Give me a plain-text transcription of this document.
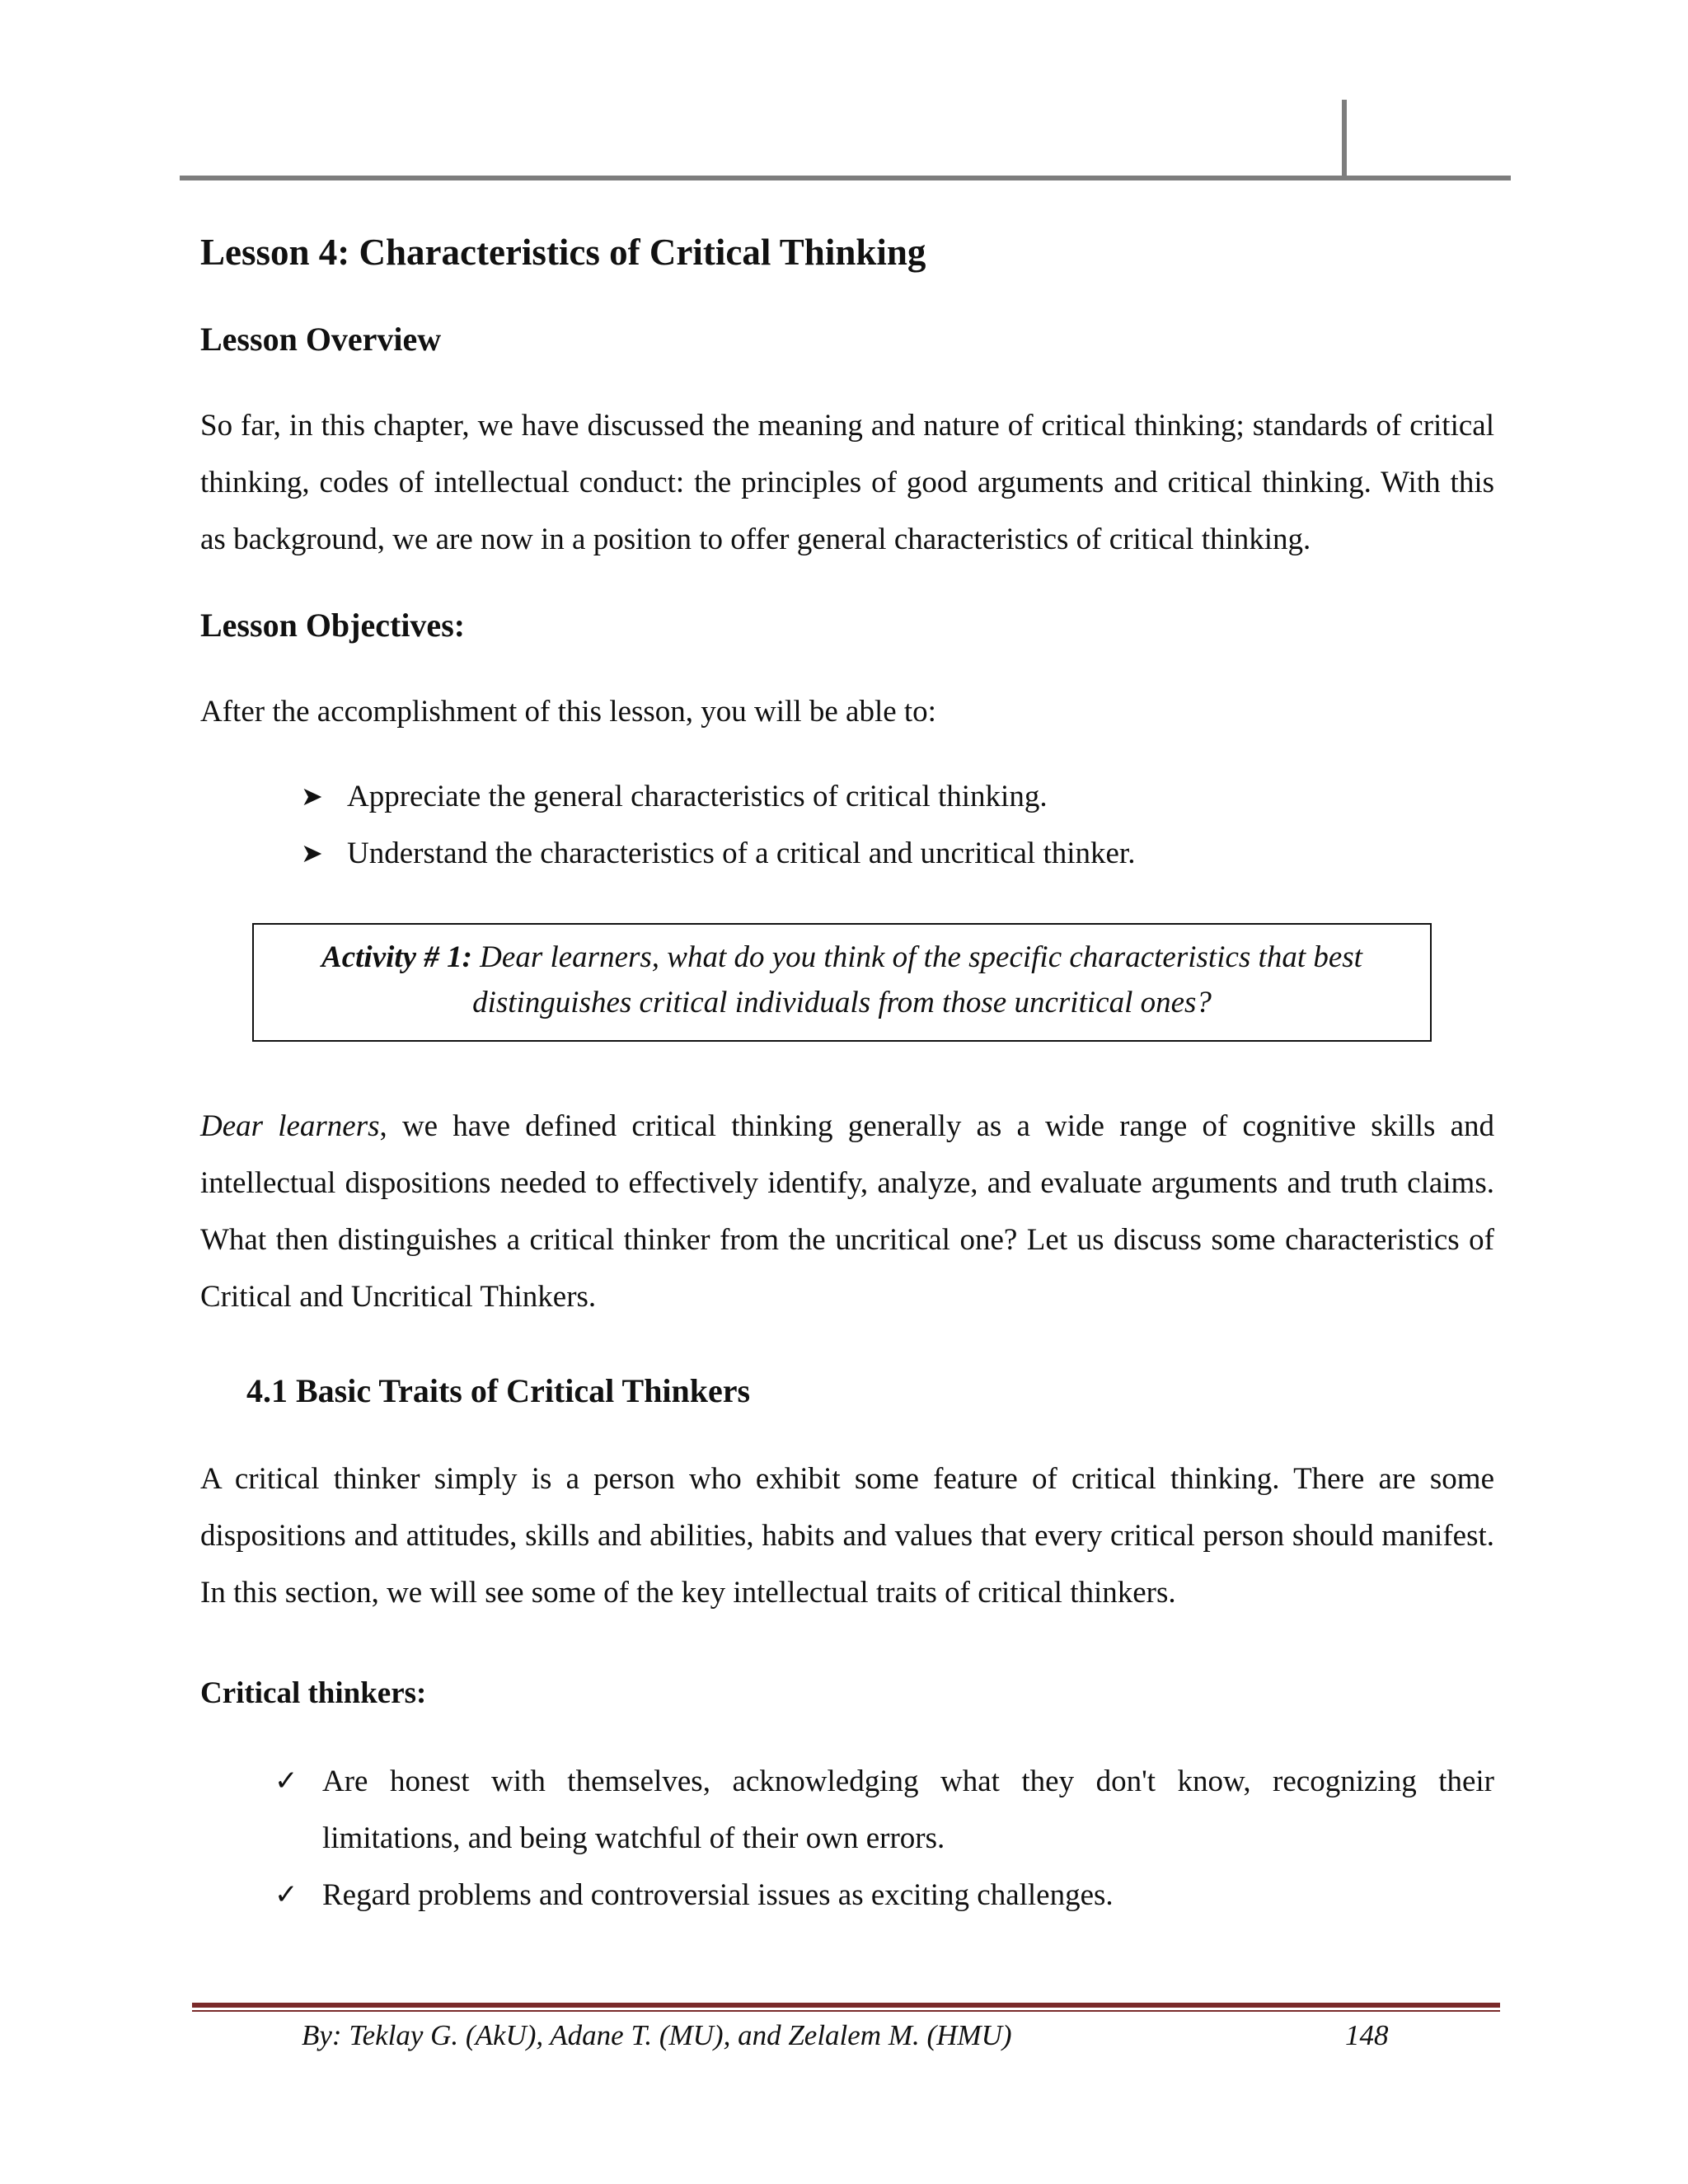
Lesson 4: Characteristics of Critical Thinking
Lesson Overview

So far, in this chapter, we have discussed the meaning and nature of critical thinking; standards of critical thinking, codes of intellectual conduct: the principles of good arguments and critical thinking. With this as background, we are now in a position to offer general characteristics of critical thinking.

Lesson Objectives:

After the accomplishment of this lesson, you will be able to:

➤ Appreciate the general characteristics of critical thinking.
➤ Understand the characteristics of a critical and uncritical thinker.
Activity # 1: Dear learners, what do you think of the specific characteristics that best distinguishes critical individuals from those uncritical ones?

Dear learners, we have defined critical thinking generally as a wide range of cognitive skills and intellectual dispositions needed to effectively identify, analyze, and evaluate arguments and truth claims. What then distinguishes a critical thinker from the uncritical one? Let us discuss some characteristics of Critical and Uncritical Thinkers.

4.1 Basic Traits of Critical Thinkers

A critical thinker simply is a person who exhibit some feature of critical thinking. There are some dispositions and attitudes, skills and abilities, habits and values that every critical person should manifest. In this section, we will see some of the key intellectual traits of critical thinkers.

Critical thinkers:
✓ Are honest with themselves, acknowledging what they don't know, recognizing their limitations, and being watchful of their own errors.
✓ Regard problems and controversial issues as exciting challenges.
By: Teklay G. (AkU), Adane T. (MU), and Zelalem M. (HMU)	148
